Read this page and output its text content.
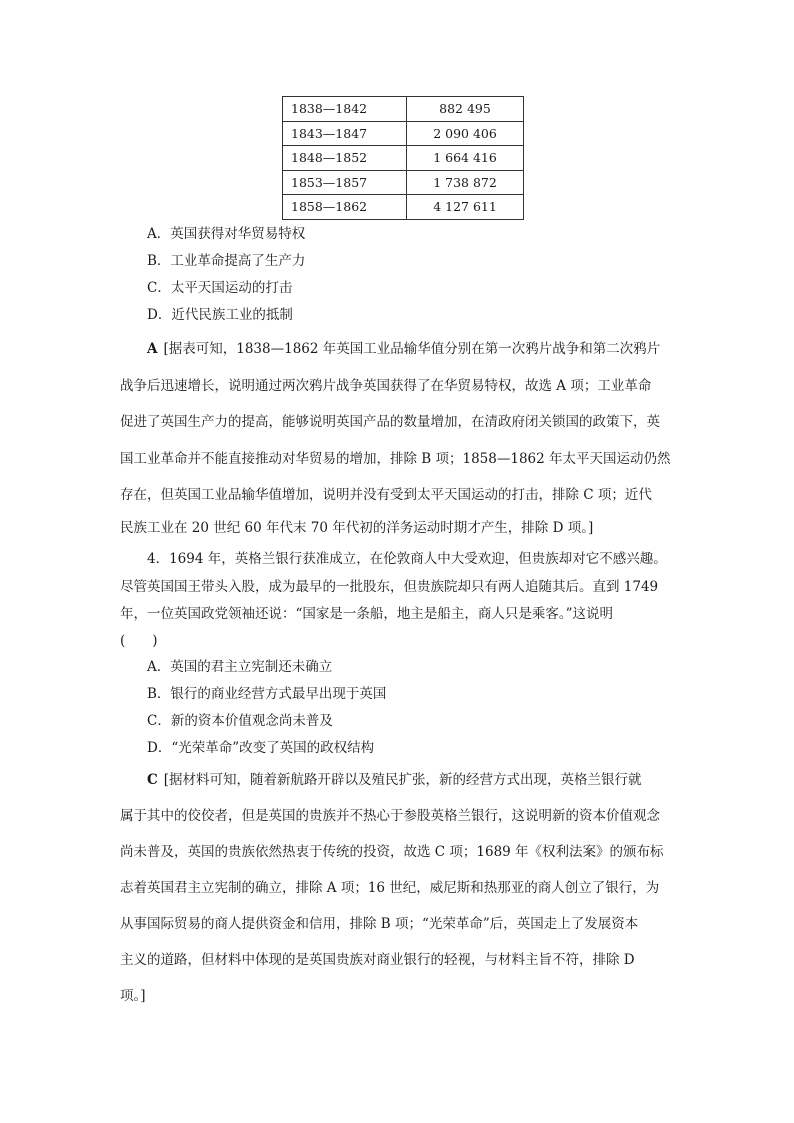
1838—1842	882 495
1843—1847	2 090 406
1848—1852	1 664 416
1853—1857	1 738 872
1858—1862	4 127 611
A．英国获得对华贸易特权
B．工业革命提高了生产力
C．太平天国运动的打击
D．近代民族工业的抵制
A [据表可知，1838—1862 年英国工业品输华值分别在第一次鸦片战争和第二次鸦片
战争后迅速增长，说明通过两次鸦片战争英国获得了在华贸易特权，故选 A 项；工业革命
促进了英国生产力的提高，能够说明英国产品的数量增加，在清政府闭关锁国的政策下，英
国工业革命并不能直接推动对华贸易的增加，排除 B 项；1858—1862 年太平天国运动仍然
存在，但英国工业品输华值增加，说明并没有受到太平天国运动的打击，排除 C 项；近代
民族工业在 20 世纪 60 年代末 70 年代初的洋务运动时期才产生，排除 D 项。]
4．1694 年，英格兰银行获准成立，在伦敦商人中大受欢迎，但贵族却对它不感兴趣。
尽管英国国王带头入股，成为最早的一批股东，但贵族院却只有两人追随其后。直到 1749
年，一位英国政党领袖还说：“国家是一条船，地主是船主，商人只是乘客。”这说明
(　　)
A．英国的君主立宪制还未确立
B．银行的商业经营方式最早出现于英国
C．新的资本价值观念尚未普及
D．“光荣革命”改变了英国的政权结构
C [据材料可知，随着新航路开辟以及殖民扩张，新的经营方式出现，英格兰银行就
属于其中的佼佼者，但是英国的贵族并不热心于参股英格兰银行，这说明新的资本价值观念
尚未普及，英国的贵族依然热衷于传统的投资，故选 C 项；1689 年《权利法案》的颁布标
志着英国君主立宪制的确立，排除 A 项；16 世纪，威尼斯和热那亚的商人创立了银行，为
从事国际贸易的商人提供资金和信用，排除 B 项；“光荣革命”后，英国走上了发展资本
主义的道路，但材料中体现的是英国贵族对商业银行的轻视，与材料主旨不符，排除 D
项。]
